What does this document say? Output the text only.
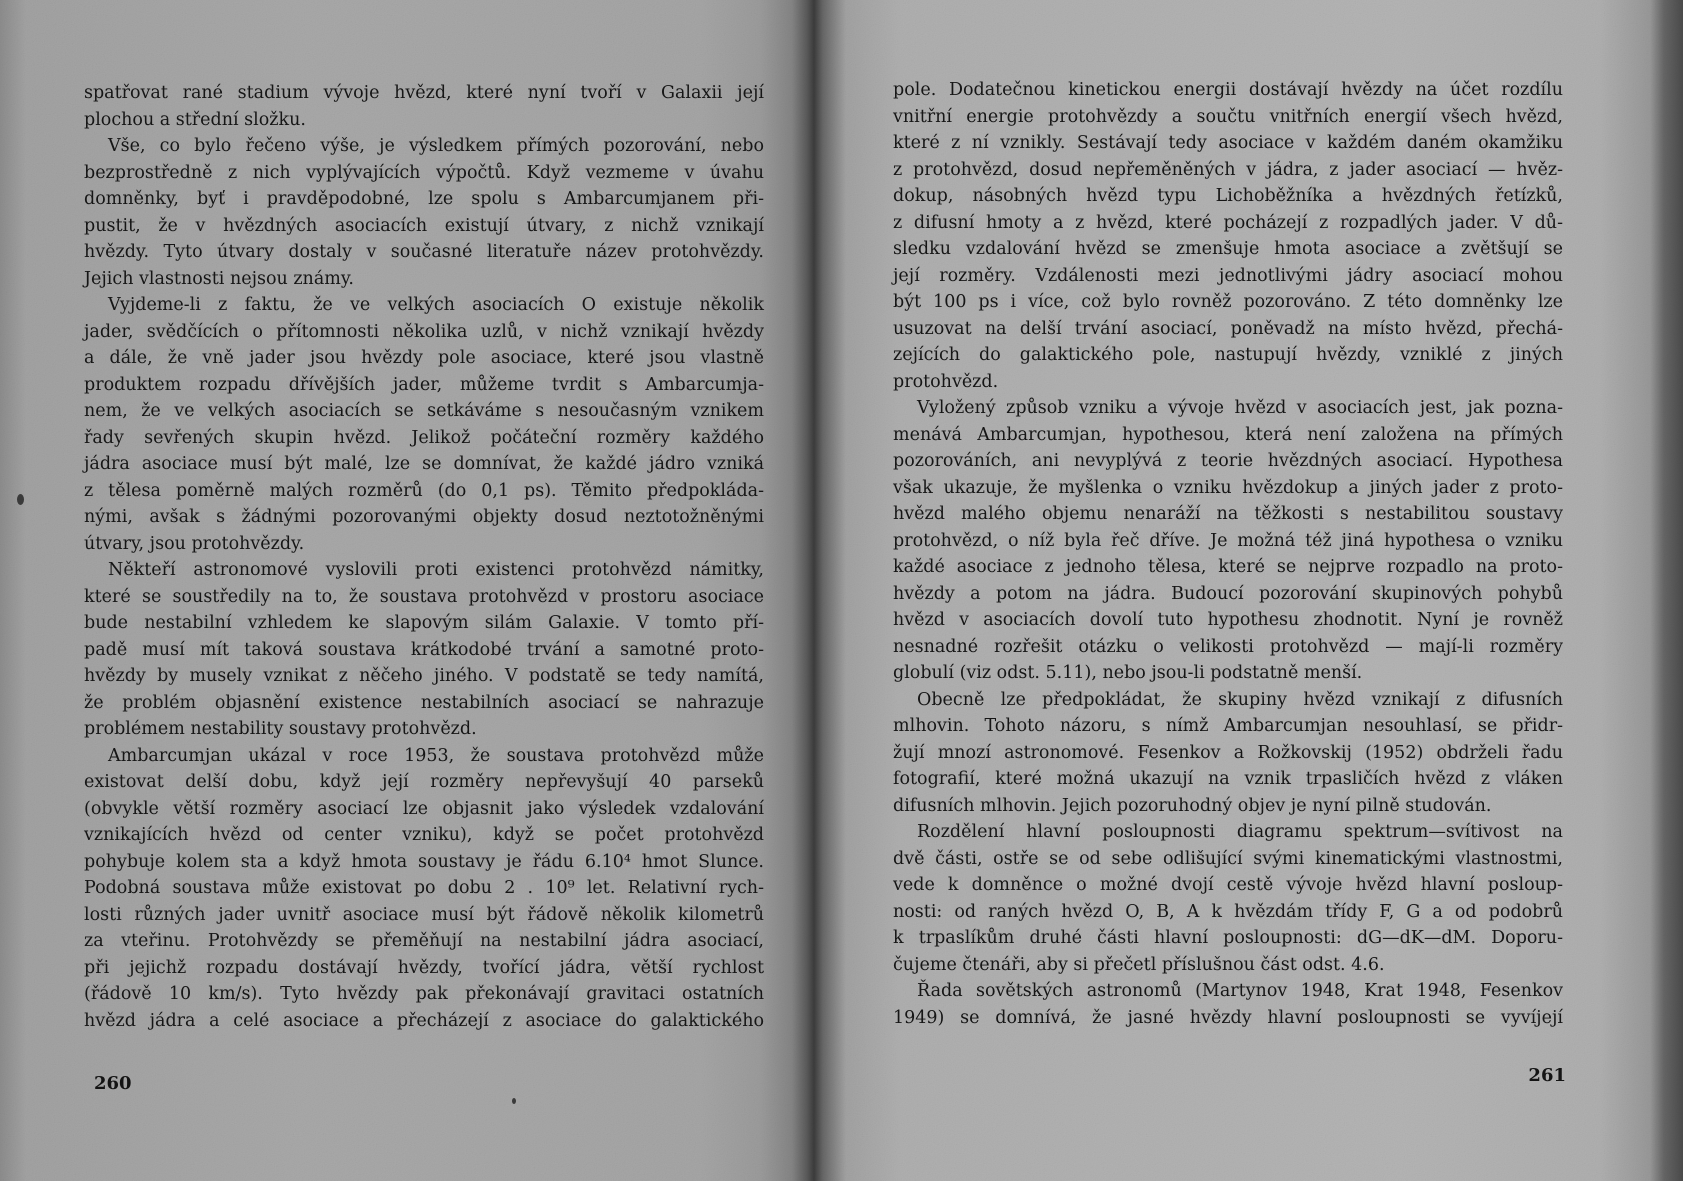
spatřovat rané stadium vývoje hvězd, které nyní tvoří v Galaxii její
plochou a střední složku.
Vše, co bylo řečeno výše, je výsledkem přímých pozorování, nebo
bezprostředně z nich vyplývajících výpočtů. Když vezmeme v úvahu
domněnky, byť i pravděpodobné, lze spolu s Ambarcumjanem při-
pustit, že v hvězdných asociacích existují útvary, z nichž vznikají
hvězdy. Tyto útvary dostaly v současné literatuře název protohvězdy.
Jejich vlastnosti nejsou známy.
Vyjdeme-li z faktu, že ve velkých asociacích O existuje několik
jader, svědčících o přítomnosti několika uzlů, v nichž vznikají hvězdy
a dále, že vně jader jsou hvězdy pole asociace, které jsou vlastně
produktem rozpadu dřívějších jader, můžeme tvrdit s Ambarcumja-
nem, že ve velkých asociacích se setkáváme s nesoučasným vznikem
řady sevřených skupin hvězd. Jelikož počáteční rozměry každého
jádra asociace musí být malé, lze se domnívat, že každé jádro vzniká
z tělesa poměrně malých rozměrů (do 0,1 ps). Těmito předpokláda-
nými, avšak s žádnými pozorovanými objekty dosud neztotožněnými
útvary, jsou protohvězdy.
Někteří astronomové vyslovili proti existenci protohvězd námitky,
které se soustředily na to, že soustava protohvězd v prostoru asociace
bude nestabilní vzhledem ke slapovým silám Galaxie. V tomto pří-
padě musí mít taková soustava krátkodobé trvání a samotné proto-
hvězdy by musely vznikat z něčeho jiného. V podstatě se tedy namítá,
že problém objasnění existence nestabilních asociací se nahrazuje
problémem nestability soustavy protohvězd.
Ambarcumjan ukázal v roce 1953, že soustava protohvězd může
existovat delší dobu, když její rozměry nepřevyšují 40 parseků
(obvykle větší rozměry asociací lze objasnit jako výsledek vzdalování
vznikajících hvězd od center vzniku), když se počet protohvězd
pohybuje kolem sta a když hmota soustavy je řádu 6.10⁴ hmot Slunce.
Podobná soustava může existovat po dobu 2 . 10⁹ let. Relativní rych-
losti různých jader uvnitř asociace musí být řádově několik kilometrů
za vteřinu. Protohvězdy se přeměňují na nestabilní jádra asociací,
při jejichž rozpadu dostávají hvězdy, tvořící jádra, větší rychlost
(řádově 10 km/s). Tyto hvězdy pak překonávají gravitaci ostatních
hvězd jádra a celé asociace a přecházejí z asociace do galaktického
260
pole. Dodatečnou kinetickou energii dostávají hvězdy na účet rozdílu
vnitřní energie protohvězdy a součtu vnitřních energií všech hvězd,
které z ní vznikly. Sestávají tedy asociace v každém daném okamžiku
z protohvězd, dosud nepřeměněných v jádra, z jader asociací — hvěz-
dokup, násobných hvězd typu Lichoběžníka a hvězdných řetízků,
z difusní hmoty a z hvězd, které pocházejí z rozpadlých jader. V dů-
sledku vzdalování hvězd se zmenšuje hmota asociace a zvětšují se
její rozměry. Vzdálenosti mezi jednotlivými jádry asociací mohou
být 100 ps i více, což bylo rovněž pozorováno. Z této domněnky lze
usuzovat na delší trvání asociací, poněvadž na místo hvězd, přechá-
zejících do galaktického pole, nastupují hvězdy, vzniklé z jiných
protohvězd.
Vyložený způsob vzniku a vývoje hvězd v asociacích jest, jak pozna-
menává Ambarcumjan, hypothesou, která není založena na přímých
pozorováních, ani nevyplývá z teorie hvězdných asociací. Hypothesa
však ukazuje, že myšlenka o vzniku hvězdokup a jiných jader z proto-
hvězd malého objemu nenaráží na těžkosti s nestabilitou soustavy
protohvězd, o níž byla řeč dříve. Je možná též jiná hypothesa o vzniku
každé asociace z jednoho tělesa, které se nejprve rozpadlo na proto-
hvězdy a potom na jádra. Budoucí pozorování skupinových pohybů
hvězd v asociacích dovolí tuto hypothesu zhodnotit. Nyní je rovněž
nesnadné rozřešit otázku o velikosti protohvězd — mají-li rozměry
globulí (viz odst. 5.11), nebo jsou-li podstatně menší.
Obecně lze předpokládat, že skupiny hvězd vznikají z difusních
mlhovin. Tohoto názoru, s nímž Ambarcumjan nesouhlasí, se přidr-
žují mnozí astronomové. Fesenkov a Rožkovskij (1952) obdrželi řadu
fotografií, které možná ukazují na vznik trpasličích hvězd z vláken
difusních mlhovin. Jejich pozoruhodný objev je nyní pilně studován.
Rozdělení hlavní posloupnosti diagramu spektrum—svítivost na
dvě části, ostře se od sebe odlišující svými kinematickými vlastnostmi,
vede k domněnce o možné dvojí cestě vývoje hvězd hlavní posloup-
nosti: od raných hvězd O, B, A k hvězdám třídy F, G a od podobrů
k trpaslíkům druhé části hlavní posloupnosti: dG—dK—dM. Doporu-
čujeme čtenáři, aby si přečetl příslušnou část odst. 4.6.
Řada sovětských astronomů (Martynov 1948, Krat 1948, Fesenkov
1949) se domnívá, že jasné hvězdy hlavní posloupnosti se vyvíjejí
261
